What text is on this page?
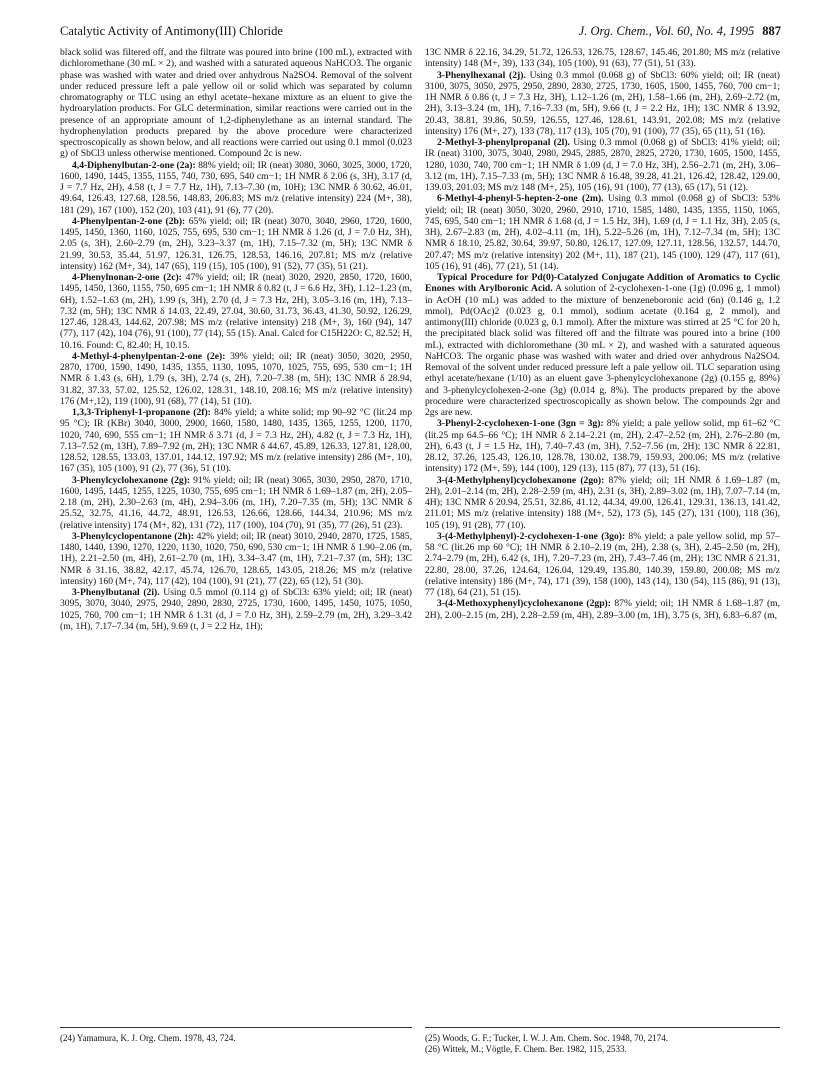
Catalytic Activity of Antimony(III) Chloride	J. Org. Chem., Vol. 60, No. 4, 1995 887

black solid was filtered off, and the filtrate was poured into brine (100 mL), extracted with dichloromethane (30 mL × 2), and washed with a saturated aqueous NaHCO3. The organic phase was washed with water and dried over anhydrous Na2SO4. Removal of the solvent under reduced pressure left a pale yellow oil or solid which was separated by column chromatography or TLC using an ethyl acetate–hexane mixture as an eluent to give the hydroarylation products. For GLC determination, similar reactions were carried out in the presence of an appropriate amount of 1,2-diphenylethane as an internal standard. The hydrophenylation products prepared by the above procedure were characterized spectroscopically as shown below, and all reactions were carried out using 0.1 mmol (0.023 g) of SbCl3 unless otherwise mentioned. Compound 2c is new.

4,4-Diphenylbutan-2-one (2a): 88% yield; oil; IR (neat) 3080, 3060, 3025, 3000, 1720, 1600, 1490, 1445, 1355, 1155, 740, 730, 695, 540 cm−1; 1H NMR δ 2.06 (s, 3H), 3.17 (d, J = 7.7 Hz, 2H), 4.58 (t, J = 7.7 Hz, 1H), 7.13–7.30 (m, 10H); 13C NMR δ 30.62, 46.01, 49.64, 126.43, 127.68, 128.56, 148.83, 206.83; MS m/z (relative intensity) 224 (M+, 38), 181 (29), 167 (100), 152 (20), 103 (41), 91 (6), 77 (20).

4-Phenylpentan-2-one (2b): 65% yield; oil; IR (neat) 3070, 3040, 2960, 1720, 1600, 1495, 1450, 1360, 1160, 1025, 755, 695, 530 cm−1; 1H NMR δ 1.26 (d, J = 7.0 Hz, 3H), 2.05 (s, 3H), 2.60–2.79 (m, 2H), 3.23–3.37 (m, 1H), 7.15–7.32 (m, 5H); 13C NMR δ 21.99, 30.53, 35.44, 51.97, 126.31, 126.75, 128.53, 146.16, 207.81; MS m/z (relative intensity) 162 (M+, 34), 147 (65), 119 (15), 105 (100), 91 (52), 77 (35), 51 (21).

4-Phenylnonan-2-one (2c): 47% yield; oil; IR (neat) 3020, 2920, 2850, 1720, 1600, 1495, 1450, 1360, 1155, 750, 695 cm−1; 1H NMR δ 0.82 (t, J = 6.6 Hz, 3H), 1.12–1.23 (m, 6H), 1.52–1.63 (m, 2H), 1.99 (s, 3H), 2.70 (d, J = 7.3 Hz, 2H), 3.05–3.16 (m, 1H), 7.13–7.32 (m, 5H); 13C NMR δ 14.03, 22.49, 27.04, 30.60, 31.73, 36.43, 41.30, 50.92, 126.29, 127.46, 128.43, 144.62, 207.98; MS m/z (relative intensity) 218 (M+, 3), 160 (94), 147 (77), 117 (42), 104 (76), 91 (100), 77 (14), 55 (15). Anal. Calcd for C15H22O: C, 82.52; H, 10.16. Found: C, 82.40; H, 10.15.

4-Methyl-4-phenylpentan-2-one (2e): 39% yield; oil; IR (neat) 3050, 3020, 2950, 2870, 1700, 1590, 1490, 1435, 1355, 1130, 1095, 1070, 1025, 755, 695, 530 cm−1; 1H NMR δ 1.43 (s, 6H), 1.79 (s, 3H), 2.74 (s, 2H), 7.20–7.38 (m, 5H); 13C NMR δ 28.94, 31.82, 37.33, 57.02, 125.52, 126.02, 128.31, 148.10, 208.16; MS m/z (relative intensity) 176 (M+,12), 119 (100), 91 (68), 77 (14), 51 (10).

1,3,3-Triphenyl-1-propanone (2f): 84% yield; a white solid; mp 90–92 °C (lit.24 mp 95 °C); IR (KBr) 3040, 3000, 2900, 1660, 1580, 1480, 1435, 1365, 1255, 1200, 1170, 1020, 740, 690, 555 cm−1; 1H NMR δ 3.71 (d, J = 7.3 Hz, 2H), 4.82 (t, J = 7.3 Hz, 1H), 7.13–7.52 (m, 13H), 7.89–7.92 (m, 2H); 13C NMR δ 44.67, 45.89, 126.33, 127.81, 128.00, 128.52, 128.55, 133.03, 137.01, 144.12, 197.92; MS m/z (relative intensity) 286 (M+, 10), 167 (35), 105 (100), 91 (2), 77 (36), 51 (10).

3-Phenylcyclohexanone (2g): 91% yield; oil; IR (neat) 3065, 3030, 2950, 2870, 1710, 1600, 1495, 1445, 1255, 1225, 1030, 755, 695 cm−1; 1H NMR δ 1.69–1.87 (m, 2H), 2.05–2.18 (m, 2H), 2.30–2.63 (m, 4H), 2.94–3.06 (m, 1H), 7.20–7.35 (m, 5H); 13C NMR δ 25.52, 32.75, 41.16, 44.72, 48.91, 126.53, 126.66, 128.66, 144.34, 210.96; MS m/z (relative intensity) 174 (M+, 82), 131 (72), 117 (100), 104 (70), 91 (35), 77 (26), 51 (23).

3-Phenylcyclopentanone (2h): 42% yield; oil; IR (neat) 3010, 2940, 2870, 1725, 1585, 1480, 1440, 1390, 1270, 1220, 1130, 1020, 750, 690, 530 cm−1; 1H NMR δ 1.90–2.06 (m, 1H), 2.21–2.50 (m, 4H), 2.61–2.70 (m, 1H), 3.34–3.47 (m, 1H), 7.21–7.37 (m, 5H); 13C NMR δ 31.16, 38.82, 42.17, 45.74, 126.70, 128.65, 143.05, 218.26; MS m/z (relative intensity) 160 (M+, 74), 117 (42), 104 (100), 91 (21), 77 (22), 65 (12), 51 (30).

3-Phenylbutanal (2i). Using 0.5 mmol (0.114 g) of SbCl3: 63% yield; oil; IR (neat) 3095, 3070, 3040, 2975, 2940, 2890, 2830, 2725, 1730, 1600, 1495, 1450, 1075, 1050, 1025, 760, 700 cm−1; 1H NMR δ 1.31 (d, J = 7.0 Hz, 3H), 2.59–2.79 (m, 2H), 3.29–3.42 (m, 1H), 7.17–7.34 (m, 5H), 9.69 (t, J = 2.2 Hz, 1H);

13C NMR δ 22.16, 34.29, 51.72, 126.53, 126.75, 128.67, 145.46, 201.80; MS m/z (relative intensity) 148 (M+, 39), 133 (34), 105 (100), 91 (63), 77 (51), 51 (33).

3-Phenylhexanal (2j). Using 0.3 mmol (0.068 g) of SbCl3: 60% yield; oil; IR (neat) 3100, 3075, 3050, 2975, 2950, 2890, 2830, 2725, 1730, 1605, 1500, 1455, 760, 700 cm−1; 1H NMR δ 0.86 (t, J = 7.3 Hz, 3H), 1.12–1.26 (m, 2H), 1.58–1.66 (m, 2H), 2.69–2.72 (m, 2H), 3.13–3.24 (m, 1H), 7.16–7.33 (m, 5H), 9.66 (t, J = 2.2 Hz, 1H); 13C NMR δ 13.92, 20.43, 38.81, 39.86, 50.59, 126.55, 127.46, 128.61, 143.91, 202.08; MS m/z (relative intensity) 176 (M+, 27), 133 (78), 117 (13), 105 (70), 91 (100), 77 (35), 65 (11), 51 (16).

2-Methyl-3-phenylpropanal (2l). Using 0.3 mmol (0.068 g) of SbCl3: 41% yield; oil; IR (neat) 3100, 3075, 3040, 2980, 2945, 2885, 2870, 2825, 2720, 1730, 1605, 1500, 1455, 1280, 1030, 740, 700 cm−1; 1H NMR δ 1.09 (d, J = 7.0 Hz, 3H), 2.56–2.71 (m, 2H), 3.06–3.12 (m, 1H), 7.15–7.33 (m, 5H); 13C NMR δ 16.48, 39.28, 41.21, 126.42, 128.42, 129.00, 139.03, 201.03; MS m/z 148 (M+, 25), 105 (16), 91 (100), 77 (13), 65 (17), 51 (12).

6-Methyl-4-phenyl-5-hepten-2-one (2m). Using 0.3 mmol (0.068 g) of SbCl3: 53% yield; oil; IR (neat) 3050, 3020, 2960, 2910, 1710, 1585, 1480, 1435, 1355, 1150, 1065, 745, 695, 540 cm−1; 1H NMR δ 1.68 (d, J = 1.5 Hz, 3H), 1.69 (d, J = 1.1 Hz, 3H), 2.05 (s, 3H), 2.67–2.83 (m, 2H), 4.02–4.11 (m, 1H), 5.22–5.26 (m, 1H), 7.12–7.34 (m, 5H); 13C NMR δ 18.10, 25.82, 30.64, 39.97, 50.80, 126.17, 127.09, 127.11, 128.56, 132.57, 144.70, 207.47; MS m/z (relative intensity) 202 (M+, 11), 187 (21), 145 (100), 129 (47), 117 (61), 105 (16), 91 (46), 77 (21), 51 (14).

Typical Procedure for Pd(0)-Catalyzed Conjugate Addition of Aromatics to Cyclic Enones with Arylboronic Acid. A solution of 2-cyclohexen-1-one (1g) (0.096 g, 1 mmol) in AcOH (10 mL) was added to the mixture of benzeneboronic acid (6n) (0.146 g, 1.2 mmol), Pd(OAc)2 (0.023 g, 0.1 mmol), sodium acetate (0.164 g, 2 mmol), and antimony(III) chloride (0.023 g, 0.1 mmol). After the mixture was stirred at 25 °C for 20 h, the precipitated black solid was filtered off and the filtrate was poured into a brine (100 mL), extracted with dichloromethane (30 mL × 2), and washed with a saturated aqueous NaHCO3. The organic phase was washed with water and dried over anhydrous Na2SO4. Removal of the solvent under reduced pressure left a pale yellow oil. TLC separation using ethyl acetate/hexane (1/10) as an eluent gave 3-phenylcyclohexanone (2g) (0.155 g, 89%) and 3-phenylcyclohexen-2-one (3g) (0.014 g, 8%). The products prepared by the above procedure were characterized spectroscopically as shown below. The compounds 2gr and 2gs are new.

3-Phenyl-2-cyclohexen-1-one (3gn = 3g): 8% yield; a pale yellow solid, mp 61–62 °C (lit.25 mp 64.5–66 °C); 1H NMR δ 2.14–2.21 (m, 2H), 2.47–2.52 (m, 2H), 2.76–2.80 (m, 2H), 6.43 (t, J = 1.5 Hz, 1H), 7.40–7.43 (m, 3H), 7.52–7.56 (m, 2H); 13C NMR δ 22.81, 28.12, 37.26, 125.43, 126.10, 128.78, 130.02, 138.79, 159.93, 200.06; MS m/z (relative intensity) 172 (M+, 59), 144 (100), 129 (13), 115 (87), 77 (13), 51 (16).

3-(4-Methylphenyl)cyclohexanone (2go): 87% yield; oil; 1H NMR δ 1.69–1.87 (m, 2H), 2.01–2.14 (m, 2H), 2.28–2.59 (m, 4H), 2.31 (s, 3H), 2.89–3.02 (m, 1H), 7.07–7.14 (m, 4H); 13C NMR δ 20.94, 25.51, 32.86, 41.12, 44.34, 49.00, 126.41, 129.31, 136.13, 141.42, 211.01; MS m/z (relative intensity) 188 (M+, 52), 173 (5), 145 (27), 131 (100), 118 (36), 105 (19), 91 (28), 77 (10).

3-(4-Methylphenyl)-2-cyclohexen-1-one (3go): 8% yield; a pale yellow solid, mp 57–58 °C (lit.26 mp 60 °C); 1H NMR δ 2.10–2.19 (m, 2H), 2.38 (s, 3H), 2.45–2.50 (m, 2H), 2.74–2.79 (m, 2H), 6.42 (s, 1H), 7.20–7.23 (m, 2H), 7.43–7.46 (m, 2H); 13C NMR δ 21.31, 22.80, 28.00, 37.26, 124.64, 126.04, 129.49, 135.80, 140.39, 159.80, 200.08; MS m/z (relative intensity) 186 (M+, 74), 171 (39), 158 (100), 143 (14), 130 (54), 115 (86), 91 (13), 77 (18), 64 (21), 51 (15).

3-(4-Methoxyphenyl)cyclohexanone (2gp): 87% yield; oil; 1H NMR δ 1.68–1.87 (m, 2H), 2.00–2.15 (m, 2H), 2.28–2.59 (m, 4H), 2.89–3.00 (m, 1H), 3.75 (s, 3H), 6.83–6.87 (m,

(24) Yamamura, K. J. Org. Chem. 1978, 43, 724.	(25) Woods, G. F.; Tucker, I. W. J. Am. Chem. Soc. 1948, 70, 2174.
(26) Wittek, M.; Vögtle, F. Chem. Ber. 1982, 115, 2533.
